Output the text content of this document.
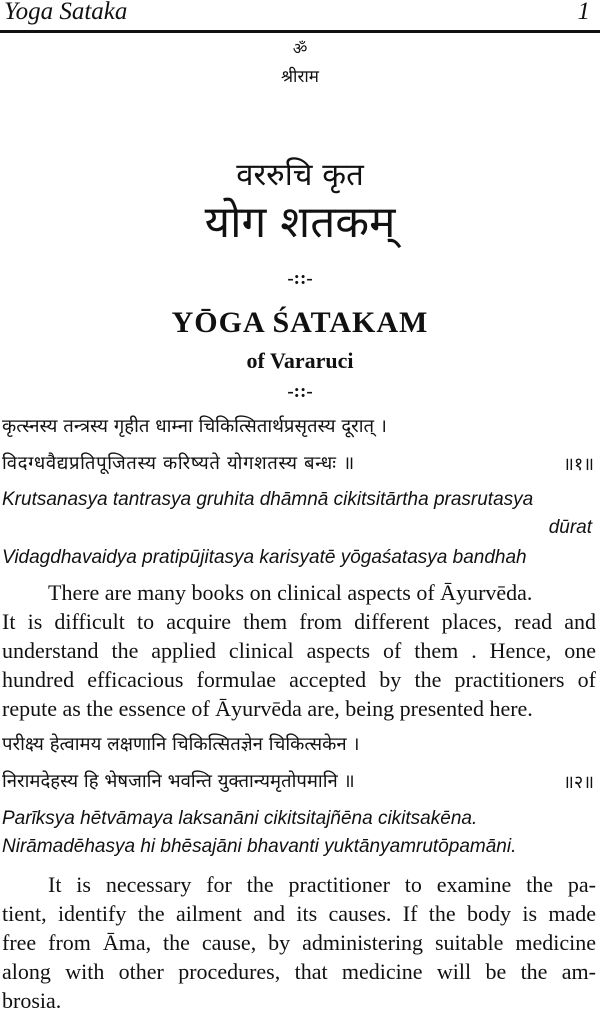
Yoga Sataka	1
ॐ
श्रीराम
वररुचि कृत
योग शतकम्
-::-
YŌGA ŚATAKAM
of Vararuci
-::-
कृत्स्नस्य तन्त्रस्य गृहीत धाम्ना चिकित्सितार्थप्रसृतस्य दूरात् ।
विदग्धवैद्यप्रतिपूजितस्य करिष्यते योगशतस्य बन्धः ॥	॥१॥
Krutsanasya tantrasya gruhita dhāmnā cikitsitārtha prasrutasya
dūrat
Vidagdhavaidya pratipūjitasya karisyatē yōgaśatasya bandhah
There are many books on clinical aspects of Āyurvēda.
It is difficult to acquire them from different places, read and
understand the applied clinical aspects of them . Hence, one
hundred efficacious formulae accepted by the practitioners of
repute as the essence of Āyurvēda are, being presented here.
परीक्ष्य हेत्वामय लक्षणानि चिकित्सितज्ञेन चिकित्सकेन ।
निरामदेहस्य हि भेषजानि भवन्ति युक्तान्यमृतोपमानि ॥	॥२॥
Parīksya hētvāmaya laksanāni cikitsitajñēna cikitsakēna.
Nirāmadēhasya hi bhēsajāni bhavanti yuktānyamrutōpamāni.
It is necessary for the practitioner to examine the pa-
tient, identify the ailment and its causes. If the body is made
free from Āma, the cause, by administering suitable medicine
along with other procedures, that medicine will be the am-
brosia.
